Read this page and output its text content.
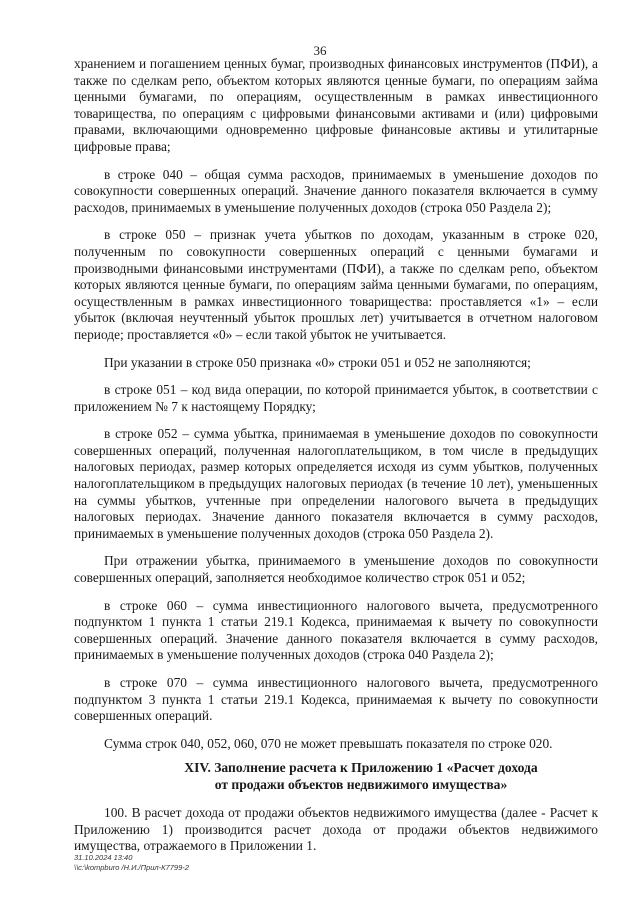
36

хранением и погашением ценных бумаг, производных финансовых инструментов (ПФИ), а также по сделкам репо, объектом которых являются ценные бумаги, по операциям займа ценными бумагами, по операциям, осуществленным в рамках инвестиционного товарищества, по операциям с цифровыми финансовыми активами и (или) цифровыми правами, включающими одновременно цифровые финансовые активы и утилитарные цифровые права;

в строке 040 – общая сумма расходов, принимаемых в уменьшение доходов по совокупности совершенных операций. Значение данного показателя включается в сумму расходов, принимаемых в уменьшение полученных доходов (строка 050 Раздела 2);

в строке 050 – признак учета убытков по доходам, указанным в строке 020, полученным по совокупности совершенных операций с ценными бумагами и производными финансовыми инструментами (ПФИ), а также по сделкам репо, объектом которых являются ценные бумаги, по операциям займа ценными бумагами, по операциям, осуществленным в рамках инвестиционного товарищества: проставляется «1» – если убыток (включая неучтенный убыток прошлых лет) учитывается в отчетном налоговом периоде; проставляется «0» – если такой убыток не учитывается.

При указании в строке 050 признака «0» строки 051 и 052 не заполняются;

в строке 051 – код вида операции, по которой принимается убыток, в соответствии с приложением № 7 к настоящему Порядку;

в строке 052 – сумма убытка, принимаемая в уменьшение доходов по совокупности совершенных операций, полученная налогоплательщиком, в том числе в предыдущих налоговых периодах, размер которых определяется исходя из сумм убытков, полученных налогоплательщиком в предыдущих налоговых периодах (в течение 10 лет), уменьшенных на суммы убытков, учтенные при определении налогового вычета в предыдущих налоговых периодах. Значение данного показателя включается в сумму расходов, принимаемых в уменьшение полученных доходов (строка 050 Раздела 2).

При отражении убытка, принимаемого в уменьшение доходов по совокупности совершенных операций, заполняется необходимое количество строк 051 и 052;

в строке 060 – сумма инвестиционного налогового вычета, предусмотренного подпунктом 1 пункта 1 статьи 219.1 Кодекса, принимаемая к вычету по совокупности совершенных операций. Значение данного показателя включается в сумму расходов, принимаемых в уменьшение полученных доходов (строка 040 Раздела 2);

в строке 070 – сумма инвестиционного налогового вычета, предусмотренного подпунктом 3 пункта 1 статьи 219.1 Кодекса, принимаемая к вычету по совокупности совершенных операций.

Сумма строк 040, 052, 060, 070 не может превышать показателя по строке 020.

XIV. Заполнение расчета к Приложению 1 «Расчет дохода
от продажи объектов недвижимого имущества»

100. В расчет дохода от продажи объектов недвижимого имущества (далее - Расчет к Приложению 1) производится расчет дохода от продажи объектов недвижимого имущества, отражаемого в Приложении 1.

31.10.2024 13:40
\\c:\kompburo /Н.И./Прил-К7799-2
